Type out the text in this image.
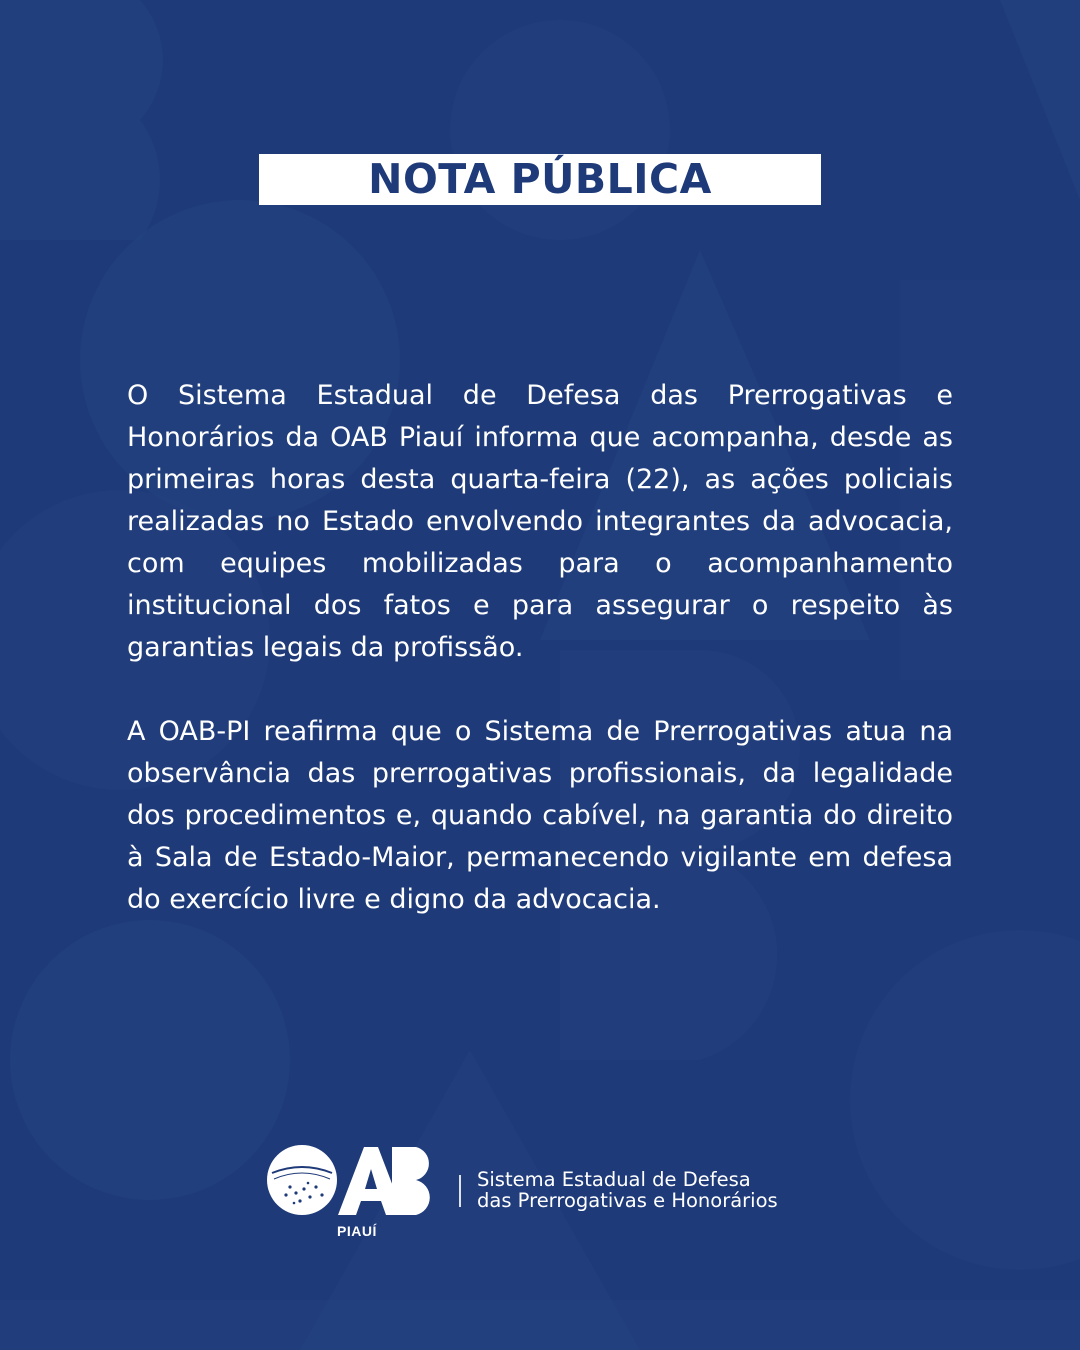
NOTA PÚBLICA

O Sistema Estadual de Defesa das Prerrogativas e Honorários da OAB Piauí informa que acompanha, desde as primeiras horas desta quarta-feira (22), as ações policiais realizadas no Estado envolvendo integrantes da advocacia, com equipes mobilizadas para o acompanhamento institucional dos fatos e para assegurar o respeito às garantias legais da profissão.

A OAB-PI reafirma que o Sistema de Prerrogativas atua na observância das prerrogativas profissionais, da legalidade dos procedimentos e, quando cabível, na garantia do direito à Sala de Estado-Maior, permanecendo vigilante em defesa do exercício livre e digno da advocacia.

PIAUÍ
Sistema Estadual de Defesa
das Prerrogativas e Honorários
